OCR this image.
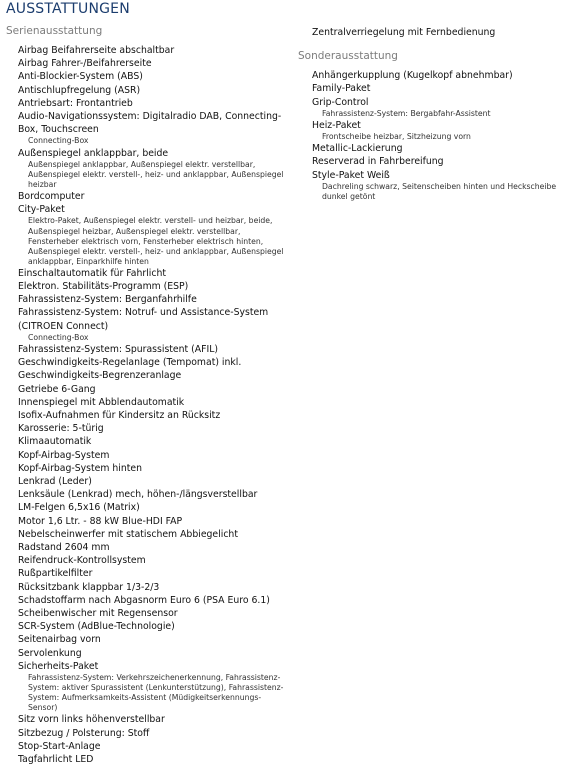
AUSSTATTUNGEN
Serienausstattung
Airbag Beifahrerseite abschaltbar
Airbag Fahrer-/Beifahrerseite
Anti-Blockier-System (ABS)
Antischlupfregelung (ASR)
Antriebsart: Frontantrieb
Audio-Navigationssystem: Digitalradio DAB, Connecting-Box, Touchscreen
Connecting-Box
Außenspiegel anklappbar, beide
Außenspiegel anklappbar, Außenspiegel elektr. verstellbar, Außenspiegel elektr. verstell-, heiz- und anklappbar, Außenspiegel heizbar
Bordcomputer
City-Paket
Elektro-Paket, Außenspiegel elektr. verstell- und heizbar, beide, Außenspiegel heizbar, Außenspiegel elektr. verstellbar, Fensterheber elektrisch vorn, Fensterheber elektrisch hinten, Außenspiegel elektr. verstell-, heiz- und anklappbar, Außenspiegel anklappbar, Einparkhilfe hinten
Einschaltautomatik für Fahrlicht
Elektron. Stabilitäts-Programm (ESP)
Fahrassistenz-System: Berganfahrhilfe
Fahrassistenz-System: Notruf- und Assistance-System (CITROEN Connect)
Connecting-Box
Fahrassistenz-System: Spurassistent (AFIL)
Geschwindigkeits-Regelanlage (Tempomat) inkl. Geschwindigkeits-Begrenzeranlage
Getriebe 6-Gang
Innenspiegel mit Abblendautomatik
Isofix-Aufnahmen für Kindersitz an Rücksitz
Karosserie: 5-türig
Klimaautomatik
Kopf-Airbag-System
Kopf-Airbag-System hinten
Lenkrad (Leder)
Lenksäule (Lenkrad) mech, höhen-/längsverstellbar
LM-Felgen 6,5x16 (Matrix)
Motor 1,6 Ltr. - 88 kW Blue-HDI FAP
Nebelscheinwerfer mit statischem Abbiegelicht
Radstand 2604 mm
Reifendruck-Kontrollsystem
Rußpartikelfilter
Rücksitzbank klappbar 1/3-2/3
Schadstoffarm nach Abgasnorm Euro 6 (PSA Euro 6.1)
Scheibenwischer mit Regensensor
SCR-System (AdBlue-Technologie)
Seitenairbag vorn
Servolenkung
Sicherheits-Paket
Fahrassistenz-System: Verkehrszeichenerkennung, Fahrassistenz-System: aktiver Spurassistent (Lenkunterstützung), Fahrassistenz-System: Aufmerksamkeits-Assistent (Müdigkeitserkennungs-Sensor)
Sitz vorn links höhenverstellbar
Sitzbezug / Polsterung: Stoff
Stop-Start-Anlage
Tagfahrlicht LED
Zentralverriegelung mit Fernbedienung
Sonderausstattung
Anhängerkupplung (Kugelkopf abnehmbar)
Family-Paket
Grip-Control
Fahrassistenz-System: Bergabfahr-Assistent
Heiz-Paket
Frontscheibe heizbar, Sitzheizung vorn
Metallic-Lackierung
Reserverad in Fahrbereifung
Style-Paket Weiß
Dachreling schwarz, Seitenscheiben hinten und Heckscheibe dunkel getönt
